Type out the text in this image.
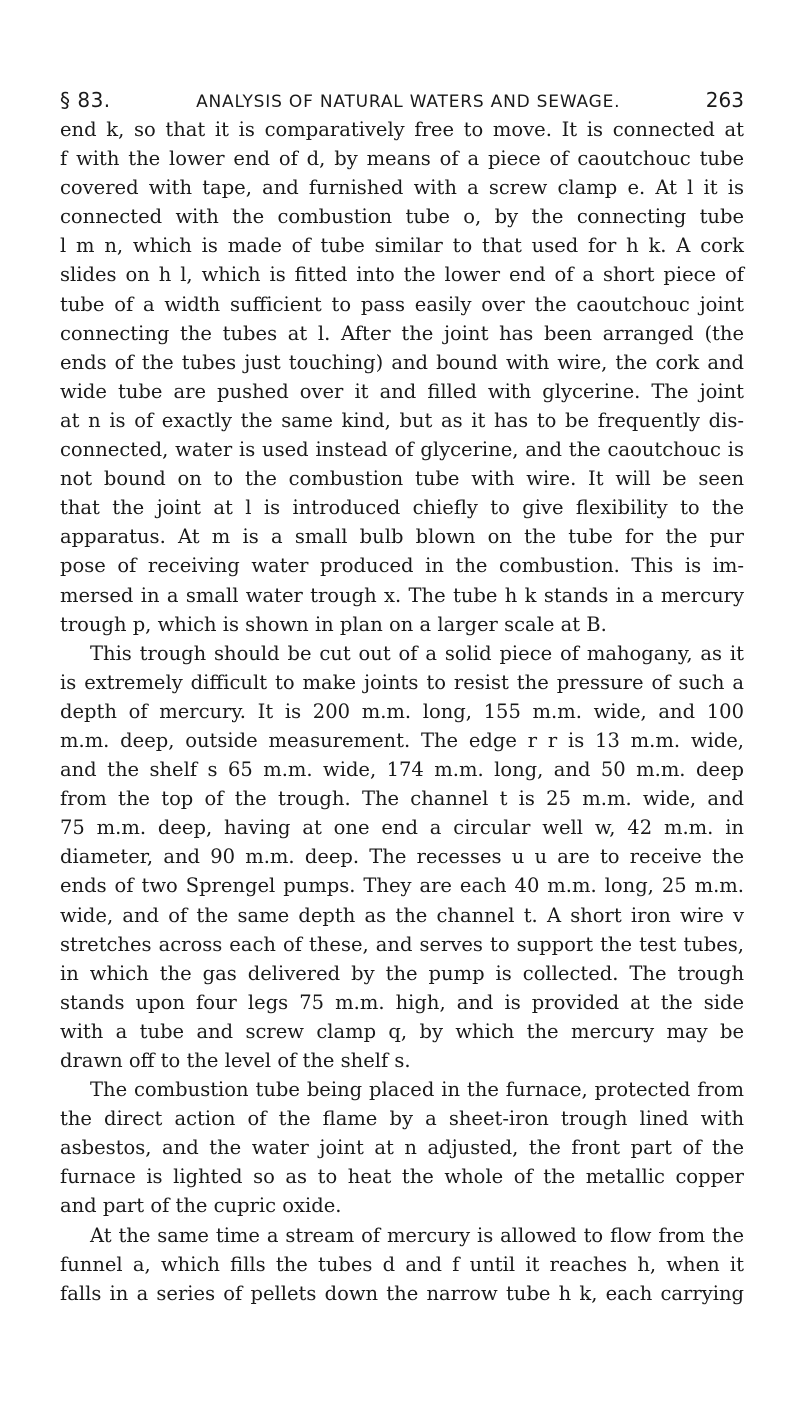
§ 83.	ANALYSIS OF NATURAL WATERS AND SEWAGE.	263
end k, so that it is comparatively free to move. It is connected at
f with the lower end of d, by means of a piece of caoutchouc tube
covered with tape, and furnished with a screw clamp e. At l it is
connected with the combustion tube o, by the connecting tube
l m n, which is made of tube similar to that used for h k. A cork
slides on h l, which is fitted into the lower end of a short piece of
tube of a width sufficient to pass easily over the caoutchouc joint
connecting the tubes at l. After the joint has been arranged (the
ends of the tubes just touching) and bound with wire, the cork and
wide tube are pushed over it and filled with glycerine. The joint
at n is of exactly the same kind, but as it has to be frequently dis-
connected, water is used instead of glycerine, and the caoutchouc is
not bound on to the combustion tube with wire. It will be seen
that the joint at l is introduced chiefly to give flexibility to the
apparatus. At m is a small bulb blown on the tube for the pur
pose of receiving water produced in the combustion. This is im-
mersed in a small water trough x. The tube h k stands in a mercury
trough p, which is shown in plan on a larger scale at B.
This trough should be cut out of a solid piece of mahogany, as it
is extremely difficult to make joints to resist the pressure of such a
depth of mercury. It is 200 m.m. long, 155 m.m. wide, and 100
m.m. deep, outside measurement. The edge r r is 13 m.m. wide,
and the shelf s 65 m.m. wide, 174 m.m. long, and 50 m.m. deep
from the top of the trough. The channel t is 25 m.m. wide, and
75 m.m. deep, having at one end a circular well w, 42 m.m. in
diameter, and 90 m.m. deep. The recesses u u are to receive the
ends of two Sprengel pumps. They are each 40 m.m. long, 25 m.m.
wide, and of the same depth as the channel t. A short iron wire v
stretches across each of these, and serves to support the test tubes,
in which the gas delivered by the pump is collected. The trough
stands upon four legs 75 m.m. high, and is provided at the side
with a tube and screw clamp q, by which the mercury may be
drawn off to the level of the shelf s.
The combustion tube being placed in the furnace, protected from
the direct action of the flame by a sheet-iron trough lined with
asbestos, and the water joint at n adjusted, the front part of the
furnace is lighted so as to heat the whole of the metallic copper
and part of the cupric oxide.
At the same time a stream of mercury is allowed to flow from the
funnel a, which fills the tubes d and f until it reaches h, when it
falls in a series of pellets down the narrow tube h k, each carrying
